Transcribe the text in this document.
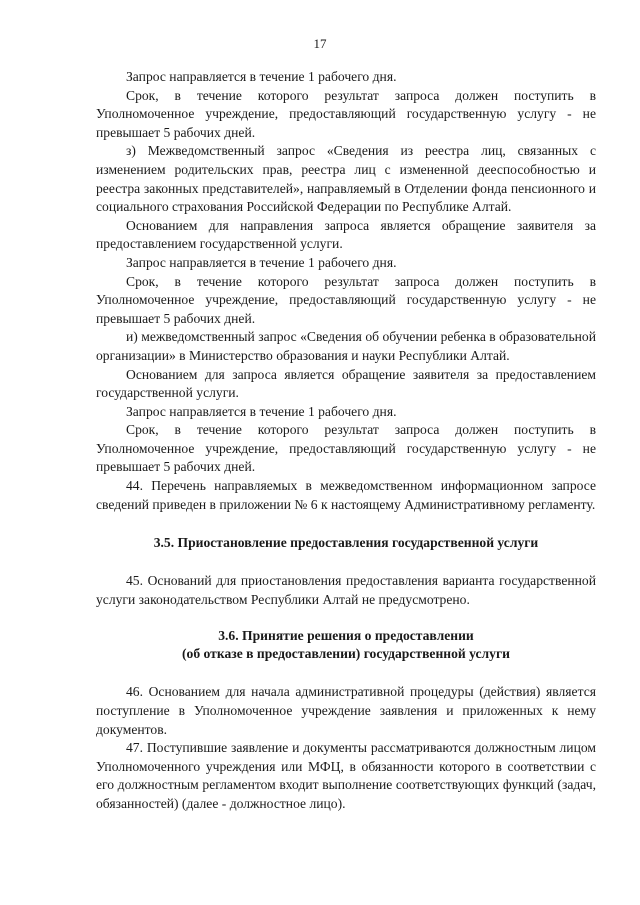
17

Запрос направляется в течение 1 рабочего дня.

Срок, в течение которого результат запроса должен поступить в Уполномоченное учреждение, предоставляющий государственную услугу - не превышает 5 рабочих дней.

з) Межведомственный запрос «Сведения из реестра лиц, связанных с изменением родительских прав, реестра лиц с измененной дееспособностью и реестра законных представителей», направляемый в Отделении фонда пенсионного и социального страхования Российской Федерации по Республике Алтай.

Основанием для направления запроса является обращение заявителя за предоставлением государственной услуги.

Запрос направляется в течение 1 рабочего дня.

Срок, в течение которого результат запроса должен поступить в Уполномоченное учреждение, предоставляющий государственную услугу - не превышает 5 рабочих дней.

и) межведомственный запрос «Сведения об обучении ребенка в образовательной организации» в Министерство образования и науки Республики Алтай.

Основанием для запроса является обращение заявителя за предоставлением государственной услуги.

Запрос направляется в течение 1 рабочего дня.

Срок, в течение которого результат запроса должен поступить в Уполномоченное учреждение, предоставляющий государственную услугу - не превышает 5 рабочих дней.

44. Перечень направляемых в межведомственном информационном запросе сведений приведен в приложении № 6 к настоящему Административному регламенту.

3.5. Приостановление предоставления государственной услуги

45. Оснований для приостановления предоставления варианта государственной услуги законодательством Республики Алтай не предусмотрено.

3.6. Принятие решения о предоставлении

(об отказе в предоставлении) государственной услуги

46. Основанием для начала административной процедуры (действия) является поступление в Уполномоченное учреждение заявления и приложенных к нему документов.

47. Поступившие заявление и документы рассматриваются должностным лицом Уполномоченного учреждения или МФЦ, в обязанности которого в соответствии с его должностным регламентом входит выполнение соответствующих функций (задач, обязанностей) (далее - должностное лицо).
